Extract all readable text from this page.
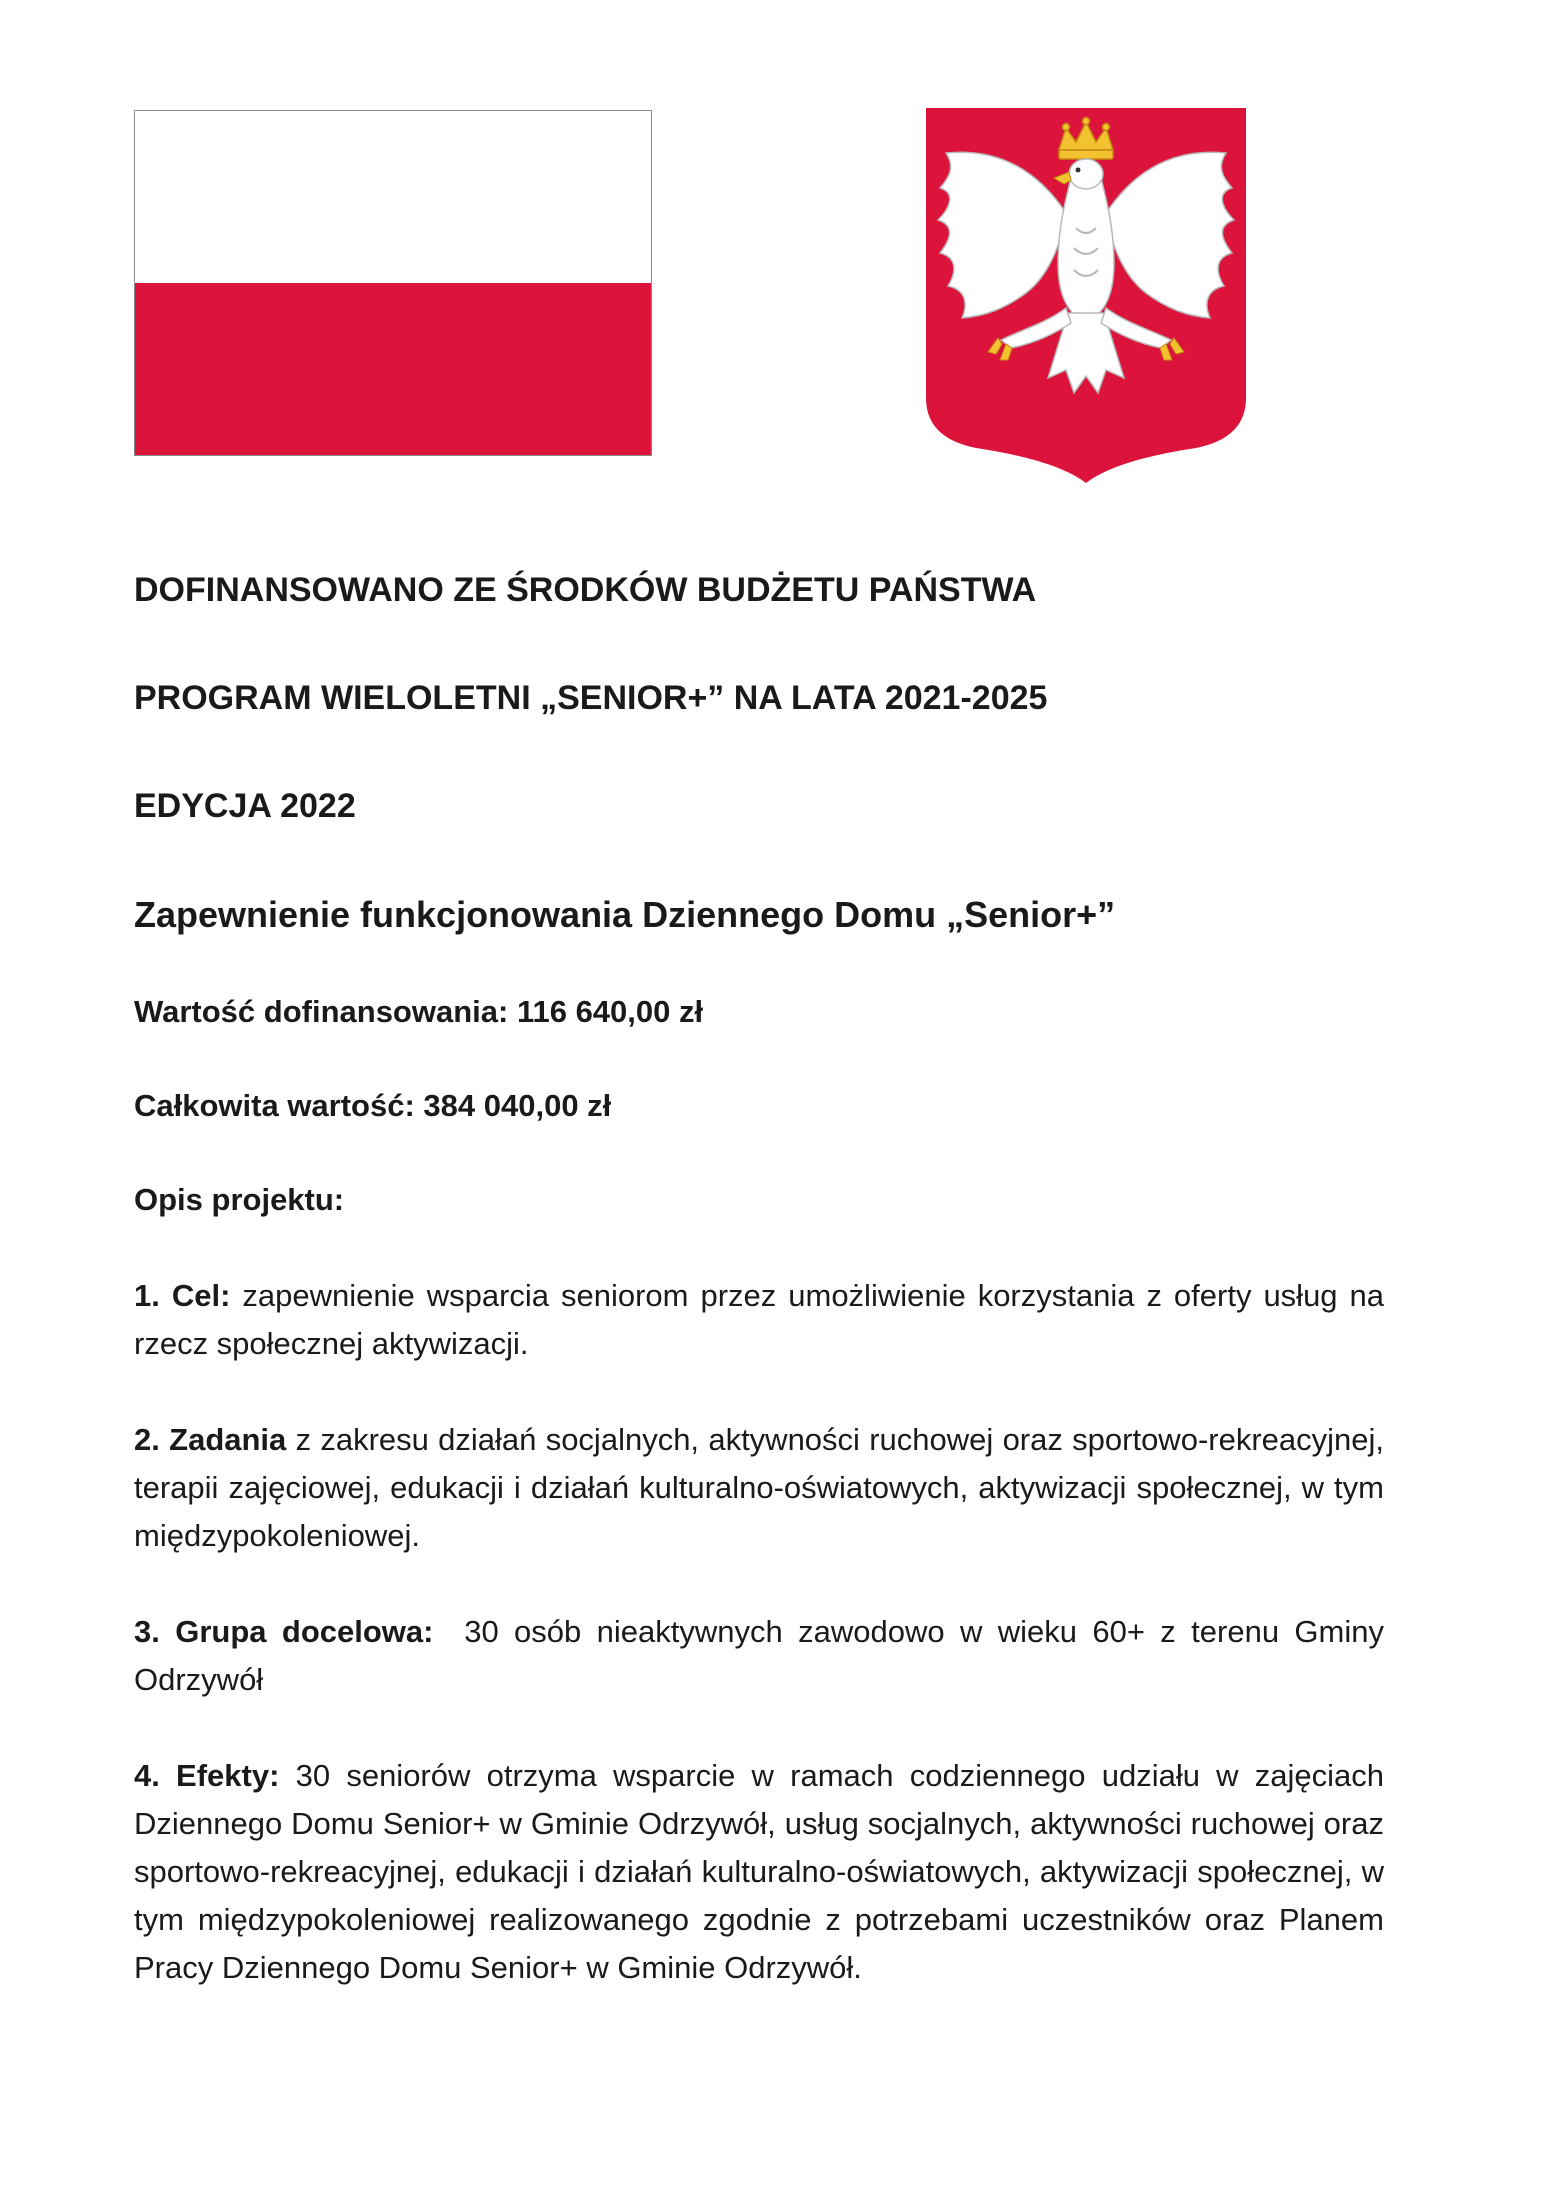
DOFINANSOWANO ZE ŚRODKÓW BUDŻETU PAŃSTWA

PROGRAM WIELOLETNI „SENIOR+” NA LATA 2021-2025

EDYCJA 2022

Zapewnienie funkcjonowania Dziennego Domu „Senior+”

Wartość dofinansowania: 116 640,00 zł

Całkowita wartość: 384 040,00 zł

Opis projektu:

1. Cel: zapewnienie wsparcia seniorom przez umożliwienie korzystania z oferty usług na rzecz społecznej aktywizacji.

2. Zadania z zakresu działań socjalnych, aktywności ruchowej oraz sportowo-rekreacyjnej, terapii zajęciowej, edukacji i działań kulturalno-oświatowych, aktywizacji społecznej, w tym międzypokoleniowej.

3. Grupa docelowa:  30 osób nieaktywnych zawodowo w wieku 60+ z terenu Gminy Odrzywół

4. Efekty: 30 seniorów otrzyma wsparcie w ramach codziennego udziału w zajęciach Dziennego Domu Senior+ w Gminie Odrzywół, usług socjalnych, aktywności ruchowej oraz sportowo-rekreacyjnej, edukacji i działań kulturalno-oświatowych, aktywizacji społecznej, w tym międzypokoleniowej realizowanego zgodnie z potrzebami uczestników oraz Planem Pracy Dziennego Domu Senior+ w Gminie Odrzywół.
